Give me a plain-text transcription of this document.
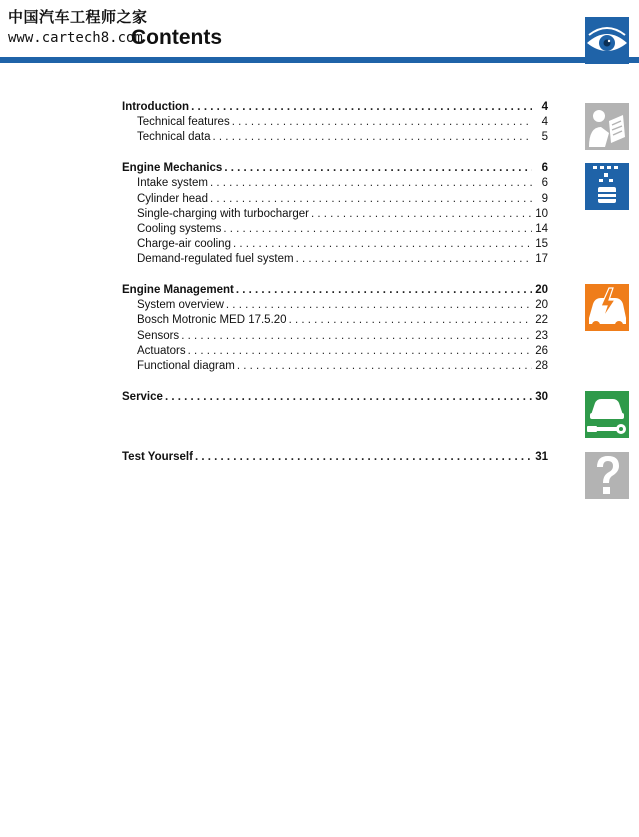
中国汽车工程师之家
www.cartech8.com
Contents
Introduction . . .	4
Technical features . . .	4
Technical data . . .	5
Engine Mechanics . . .	6
Intake system . . .	6
Cylinder head . . .	9
Single-charging with turbocharger . . .	10
Cooling systems . . .	14
Charge-air cooling . . .	15
Demand-regulated fuel system . . .	17
Engine Management . . .	20
System overview . . .	20
Bosch Motronic MED 17.5.20 . . .	22
Sensors . . .	23
Actuators . . .	26
Functional diagram . . .	28
Service . . .	30
Test Yourself . . .	31
